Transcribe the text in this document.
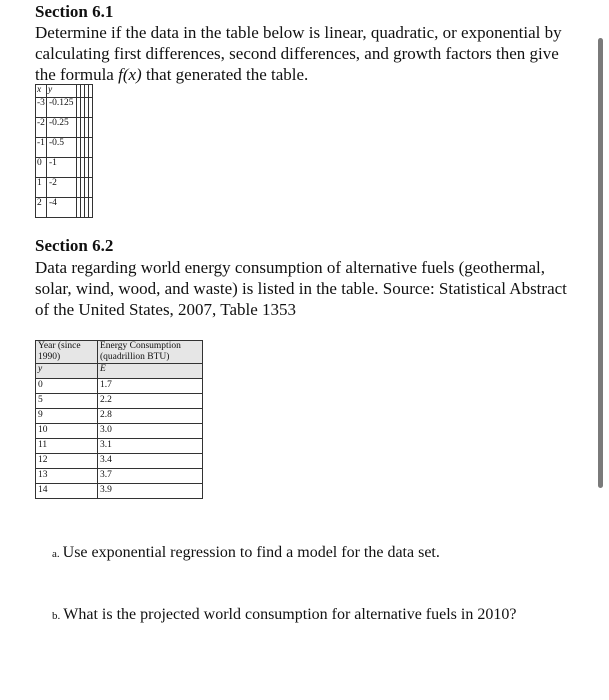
Section 6.1
Determine if the data in the table below is linear, quadratic, or exponential by calculating first differences, second differences, and growth factors then give the formula f(x) that generated the table.
x	y				
-3	-0.125				
-2	-0.25				
-1	-0.5				
0	-1				
1	-2				
2	-4				
Section 6.2
Data regarding world energy consumption of alternative fuels (geothermal, solar, wind, wood, and waste) is listed in the table. Source: Statistical Abstract of the United States, 2007, Table 1353
Year (since 1990)	Energy Consumption (quadrillion BTU)
y	E
0	1.7
5	2.2
9	2.8
10	3.0
11	3.1
12	3.4
13	3.7
14	3.9
a. Use exponential regression to find a model for the data set.
b. What is the projected world consumption for alternative fuels in 2010?
